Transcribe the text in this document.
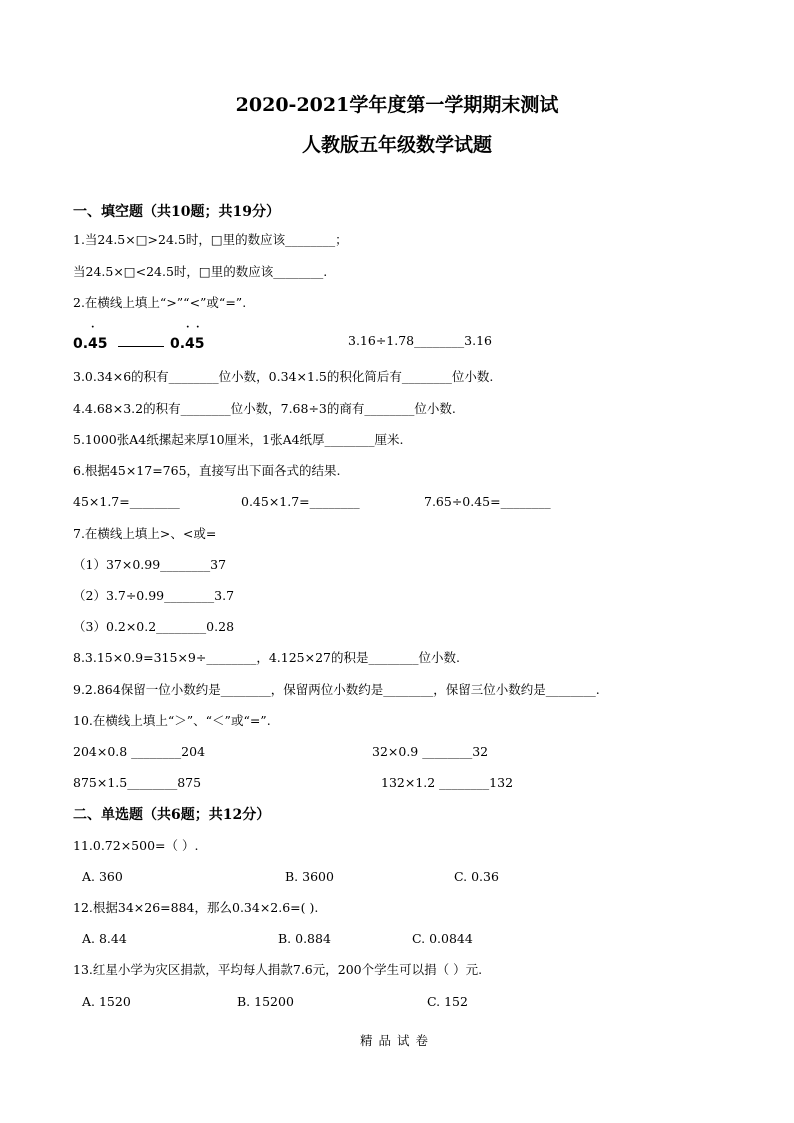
2020-2021学年度第一学期期末测试
人教版五年级数学试题
一、填空题（共10题；共19分）
1.当24.5×□>24.5时，□里的数应该________；
当24.5×□<24.5时，□里的数应该________.
2.在横线上填上“>”“<”或“=”.
·
0.45
· ·
0.45	3.16÷1.78________3.16
3.0.34×6的积有________位小数，0.34×1.5的积化简后有________位小数.
4.4.68×3.2的积有________位小数，7.68÷3的商有________位小数.
5.1000张A4纸摞起来厚10厘米，1张A4纸厚________厘米.
6.根据45×17=765，直接写出下面各式的结果.
45×1.7=________	0.45×1.7=________	7.65÷0.45=________
7.在横线上填上>、<或=
（1）37×0.99________37
（2）3.7÷0.99________3.7
（3）0.2×0.2________0.28
8.3.15×0.9=315×9÷________，4.125×27的积是________位小数.
9.2.864保留一位小数约是________，保留两位小数约是________，保留三位小数约是________.
10.在横线上填上“＞”、“＜”或“=”.
204×0.8 ________204	32×0.9 ________32
875×1.5________875	132×1.2 ________132
二、单选题（共6题；共12分）
11.0.72×500=（ ）.
A. 360	B. 3600	C. 0.36
12.根据34×26=884，那么0.34×2.6=( ).
A. 8.44	B. 0.884	C. 0.0844
13.红星小学为灾区捐款，平均每人捐款7.6元，200个学生可以捐（ ）元.
A. 1520	B. 15200	C. 152
精品试卷
